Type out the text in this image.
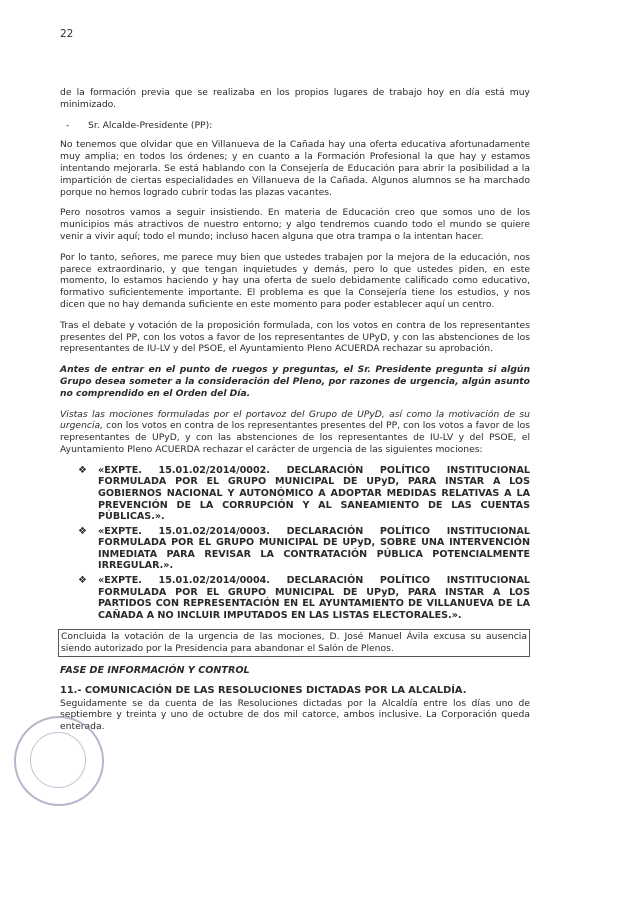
22

de la formación previa que se realizaba en los propios lugares de trabajo hoy en día está muy minimizado.

-	Sr. Alcalde-Presidente (PP):

No tenemos que olvidar que en Villanueva de la Cañada hay una oferta educativa afortunadamente muy amplia; en todos los órdenes; y en cuanto a la Formación Profesional la que hay y estamos intentando mejorarla. Se está hablando con la Consejería de Educación para abrir la posibilidad a la impartición de ciertas especialidades en Villanueva de la Cañada. Algunos alumnos se ha marchado porque no hemos logrado cubrir todas las plazas vacantes.

Pero nosotros vamos a seguir insistiendo. En materia de Educación creo que somos uno de los municipios más atractivos de nuestro entorno; y algo tendremos cuando todo el mundo se quiere venir a vivir aquí; todo el mundo; incluso hacen alguna que otra trampa o la intentan hacer.

Por lo tanto, señores, me parece muy bien que ustedes trabajen por la mejora de la educación, nos parece extraordinario, y que tengan inquietudes y demás, pero lo que ustedes piden, en este momento, lo estamos haciendo y hay una oferta de suelo debidamente calificado como educativo, formativo suficientemente importante. El problema es que la Consejería tiene los estudios, y nos dicen que no hay demanda suficiente en este momento para poder establecer aquí un centro.

Tras el debate y votación de la proposición formulada, con los votos en contra de los representantes presentes del PP, con los votos a favor de los representantes de UPyD, y con las abstenciones de los representantes de IU-LV y del PSOE, el Ayuntamiento Pleno ACUERDA rechazar su aprobación.

Antes de entrar en el punto de ruegos y preguntas, el Sr. Presidente pregunta si algún Grupo desea someter a la consideración del Pleno, por razones de urgencia, algún asunto no comprendido en el Orden del Día.

Vistas las mociones formuladas por el portavoz del Grupo de UPyD, así como la motivación de su urgencia, con los votos en contra de los representantes presentes del PP, con los votos a favor de los representantes de UPyD, y con las abstenciones de los representantes de IU-LV y del PSOE, el Ayuntamiento Pleno ACUERDA rechazar el carácter de urgencia de las siguientes mociones:

❖	«EXPTE. 15.01.02/2014/0002. DECLARACIÓN POLÍTICO INSTITUCIONAL FORMULADA POR EL GRUPO MUNICIPAL DE UPyD, PARA INSTAR A LOS GOBIERNOS NACIONAL Y AUTONÓMICO A ADOPTAR MEDIDAS RELATIVAS A LA PREVENCIÓN DE LA CORRUPCIÓN Y AL SANEAMIENTO DE LAS CUENTAS PÚBLICAS.».
❖	«EXPTE. 15.01.02/2014/0003. DECLARACIÓN POLÍTICO INSTITUCIONAL FORMULADA POR EL GRUPO MUNICIPAL DE UPyD, SOBRE UNA INTERVENCIÓN INMEDIATA PARA REVISAR LA CONTRATACIÓN PÚBLICA POTENCIALMENTE IRREGULAR.».
❖	«EXPTE. 15.01.02/2014/0004. DECLARACIÓN POLÍTICO INSTITUCIONAL FORMULADA POR EL GRUPO MUNICIPAL DE UPyD, PARA INSTAR A LOS PARTIDOS CON REPRESENTACIÓN EN EL AYUNTAMIENTO DE VILLANUEVA DE LA CAÑADA A NO INCLUIR IMPUTADOS EN LAS LISTAS ELECTORALES.».
Concluida la votación de la urgencia de las mociones, D. José Manuel Ávila excusa su ausencia siendo autorizado por la Presidencia para abandonar el Salón de Plenos.
FASE DE INFORMACIÓN Y CONTROL
11.- COMUNICACIÓN DE LAS RESOLUCIONES DICTADAS POR LA ALCALDÍA.

Seguidamente se da cuenta de las Resoluciones dictadas por la Alcaldía entre los días uno de septiembre y treinta y uno de octubre de dos mil catorce, ambos inclusive. La Corporación queda enterada.
